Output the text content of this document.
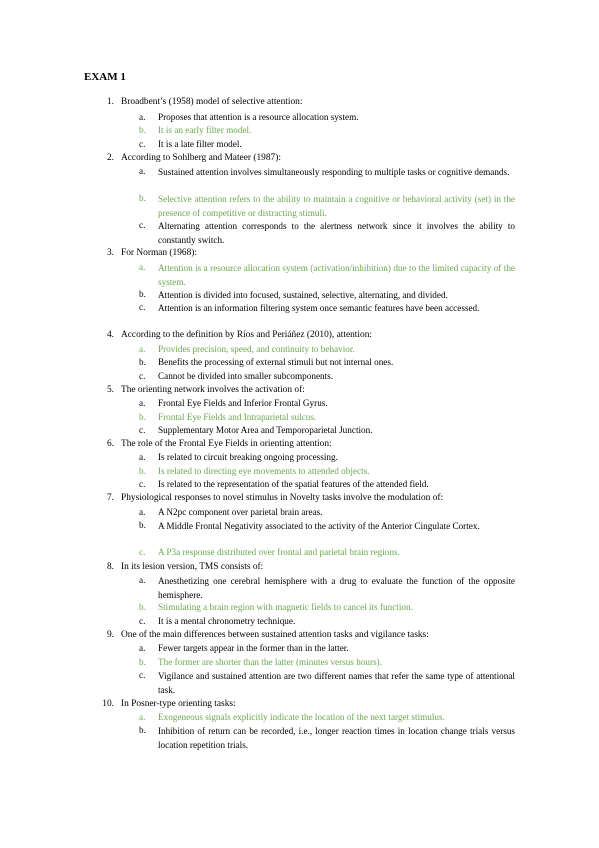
EXAM 1
1. Broadbent’s (1958) model of selective attention:
a.	Proposes that attention is a resource allocation system.
b.	It is an early filter model.
c.	It is a late filter model.
2. According to Sohlberg and Mateer (1987):
a.	Sustained attention involves simultaneously responding to multiple tasks or cognitive demands.
b.	Selective attention refers to the ability to maintain a cognitive or behavioral activity (set) in the presence of competitive or distracting stimuli.
c.	Alternating attention corresponds to the alertness network since it involves the ability to constantly switch.
3. For Norman (1968):
a.	Attention is a resource allocation system (activation/inhibition) due to the limited capacity of the system.
b.	Attention is divided into focused, sustained, selective, alternating, and divided.
c.	Attention is an information filtering system once semantic features have been accessed.
4. According to the definition by Ríos and Periáñez (2010), attention:
a.	Provides precision, speed, and continuity to behavior.
b.	Benefits the processing of external stimuli but not internal ones.
c.	Cannot be divided into smaller subcomponents.
5. The orienting network involves the activation of:
a.	Frontal Eye Fields and Inferior Frontal Gyrus.
b.	Frontal Eye Fields and Intraparietal sulcus.
c.	Supplementary Motor Area and Temporoparietal Junction.
6. The role of the Frontal Eye Fields in orienting attention:
a.	Is related to circuit breaking ongoing processing.
b.	Is related to directing eye movements to attended objects.
c.	Is related to the representation of the spatial features of the attended field.
7. Physiological responses to novel stimulus in Novelty tasks involve the modulation of:
a.	A N2pc component over parietal brain areas.
b.	A Middle Frontal Negativity associated to the activity of the Anterior Cingulate Cortex.
c.	A P3a response distributed over frontal and parietal brain regions.
8. In its lesion version, TMS consists of:
a.	Anesthetizing one cerebral hemisphere with a drug to evaluate the function of the opposite hemisphere.
b.	Stimulating a brain region with magnetic fields to cancel its function.
c.	It is a mental chronometry technique.
9. One of the main differences between sustained attention tasks and vigilance tasks:
a.	Fewer targets appear in the former than in the latter.
b.	The former are shorter than the latter (minutes versus hours).
c.	Vigilance and sustained attention are two different names that refer the same type of attentional task.
10. In Posner-type orienting tasks:
a.	Exogeneous signals explicitly indicate the location of the next target stimulus.
b.	Inhibition of return can be recorded, i.e., longer reaction times in location change trials versus location repetition trials.
